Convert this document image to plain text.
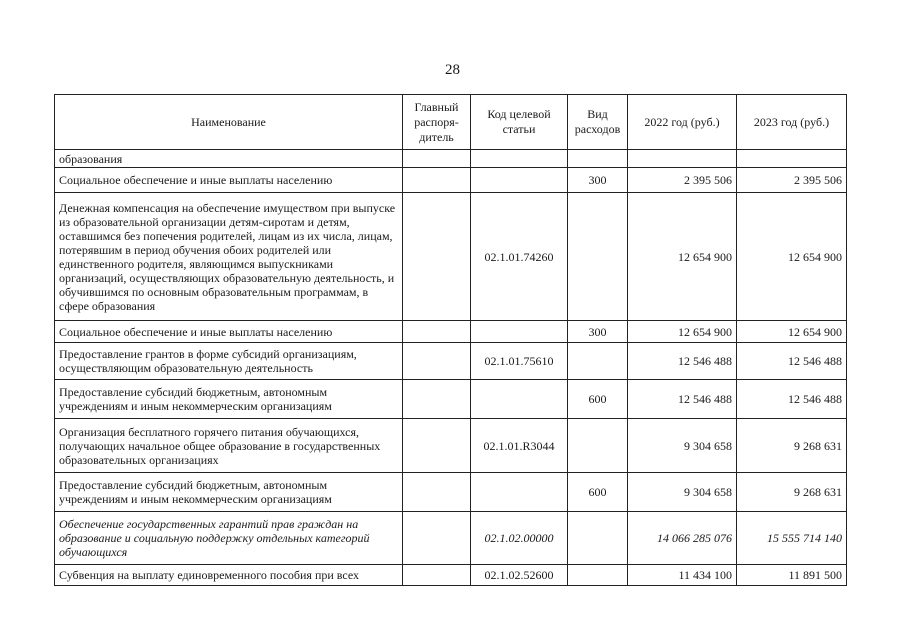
28
Наименование	Главный распоря-дитель	Код целевой статьи	Вид расходов	2022 год (руб.)	2023 год (руб.)
образования					
Социальное обеспечение и иные выплаты населению			300	2 395 506	2 395 506
Денежная компенсация на обеспечение имуществом при выпуске из образовательной организации детям-сиротам и детям, оставшимся без попечения родителей, лицам из их числа, лицам, потерявшим в период обучения обоих родителей или единственного родителя, являющимся выпускниками организаций, осуществляющих образовательную деятельность, и обучившимся по основным образовательным программам, в сфере образования		02.1.01.74260		12 654 900	12 654 900
Социальное обеспечение и иные выплаты населению			300	12 654 900	12 654 900
Предоставление грантов в форме субсидий организациям, осуществляющим образовательную деятельность		02.1.01.75610		12 546 488	12 546 488
Предоставление субсидий бюджетным, автономным учреждениям и иным некоммерческим организациям			600	12 546 488	12 546 488
Организация бесплатного горячего питания обучающихся, получающих начальное общее образование в государственных образовательных организациях		02.1.01.R3044		9 304 658	9 268 631
Предоставление субсидий бюджетным, автономным учреждениям и иным некоммерческим организациям			600	9 304 658	9 268 631
Обеспечение государственных гарантий прав граждан на образование и социальную поддержку отдельных категорий обучающихся		02.1.02.00000		14 066 285 076	15 555 714 140
Субвенция на выплату единовременного пособия при всех		02.1.02.52600		11 434 100	11 891 500
